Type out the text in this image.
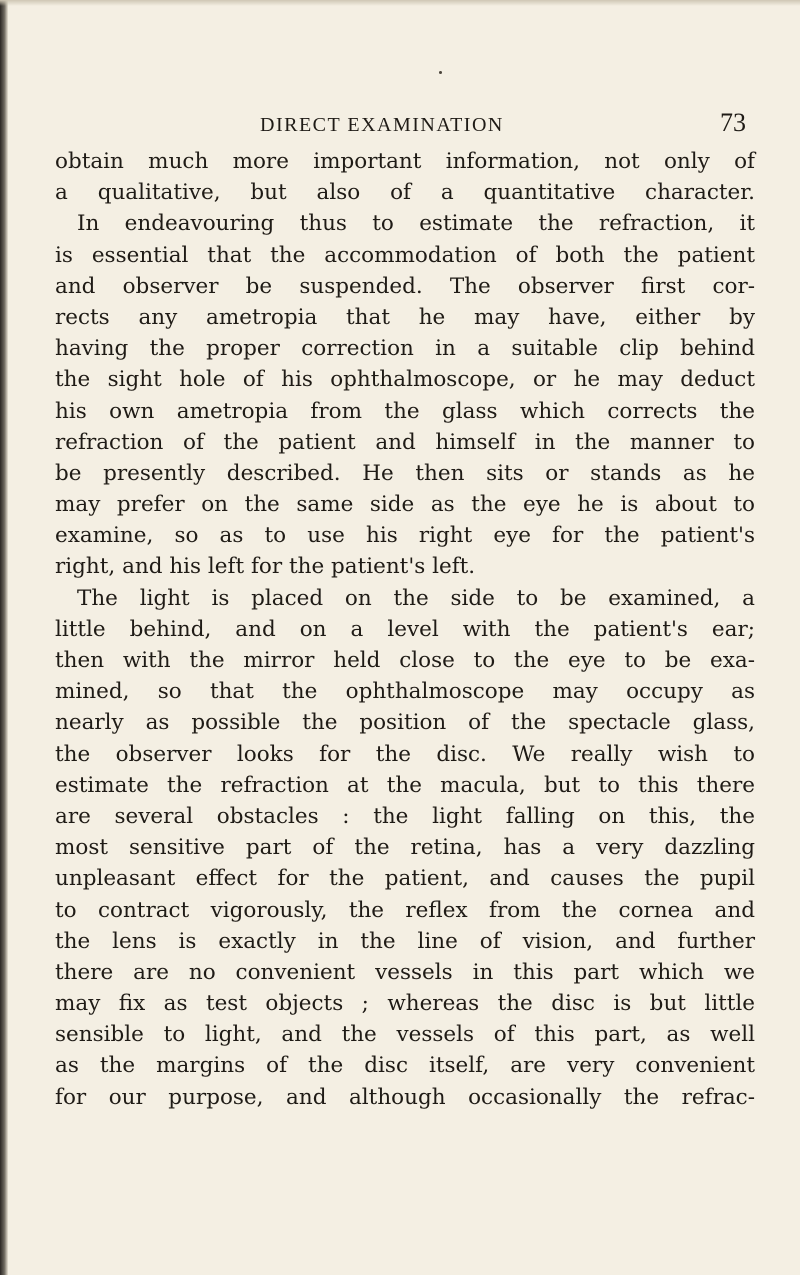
DIRECT EXAMINATION	73
obtain much more important information, not only of
a qualitative, but also of a quantitative character.
In endeavouring thus to estimate the refraction, it
is essential that the accommodation of both the patient
and observer be suspended. The observer first cor-
rects any ametropia that he may have, either by
having the proper correction in a suitable clip behind
the sight hole of his ophthalmoscope, or he may deduct
his own ametropia from the glass which corrects the
refraction of the patient and himself in the manner to
be presently described. He then sits or stands as he
may prefer on the same side as the eye he is about to
examine, so as to use his right eye for the patient's
right, and his left for the patient's left.
The light is placed on the side to be examined, a
little behind, and on a level with the patient's ear;
then with the mirror held close to the eye to be exa-
mined, so that the ophthalmoscope may occupy as
nearly as possible the position of the spectacle glass,
the observer looks for the disc. We really wish to
estimate the refraction at the macula, but to this there
are several obstacles : the light falling on this, the
most sensitive part of the retina, has a very dazzling
unpleasant effect for the patient, and causes the pupil
to contract vigorously, the reflex from the cornea and
the lens is exactly in the line of vision, and further
there are no convenient vessels in this part which we
may fix as test objects ; whereas the disc is but little
sensible to light, and the vessels of this part, as well
as the margins of the disc itself, are very convenient
for our purpose, and although occasionally the refrac-
